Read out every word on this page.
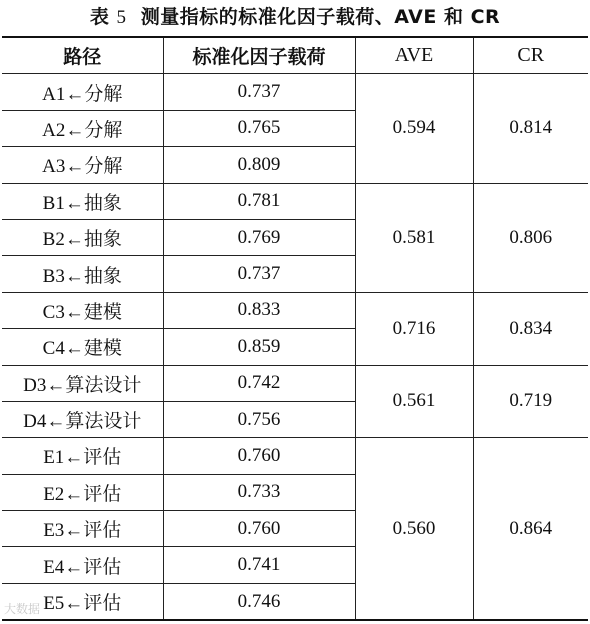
表 5 测量指标的标准化因子载荷、AVE 和 CR
路径	标准化因子载荷	AVE	CR
A1←分解	0.737	0.594	0.814
A2←分解	0.765		
A3←分解	0.809		
B1←抽象	0.781	0.581	0.806
B2←抽象	0.769		
B3←抽象	0.737		
C3←建模	0.833	0.716	0.834
C4←建模	0.859		
D3←算法设计	0.742	0.561	0.719
D4←算法设计	0.756		
E1←评估	0.760	0.560	0.864
E2←评估	0.733		
E3←评估	0.760		
E4←评估	0.741		
E5←评估	0.746		
大数据
